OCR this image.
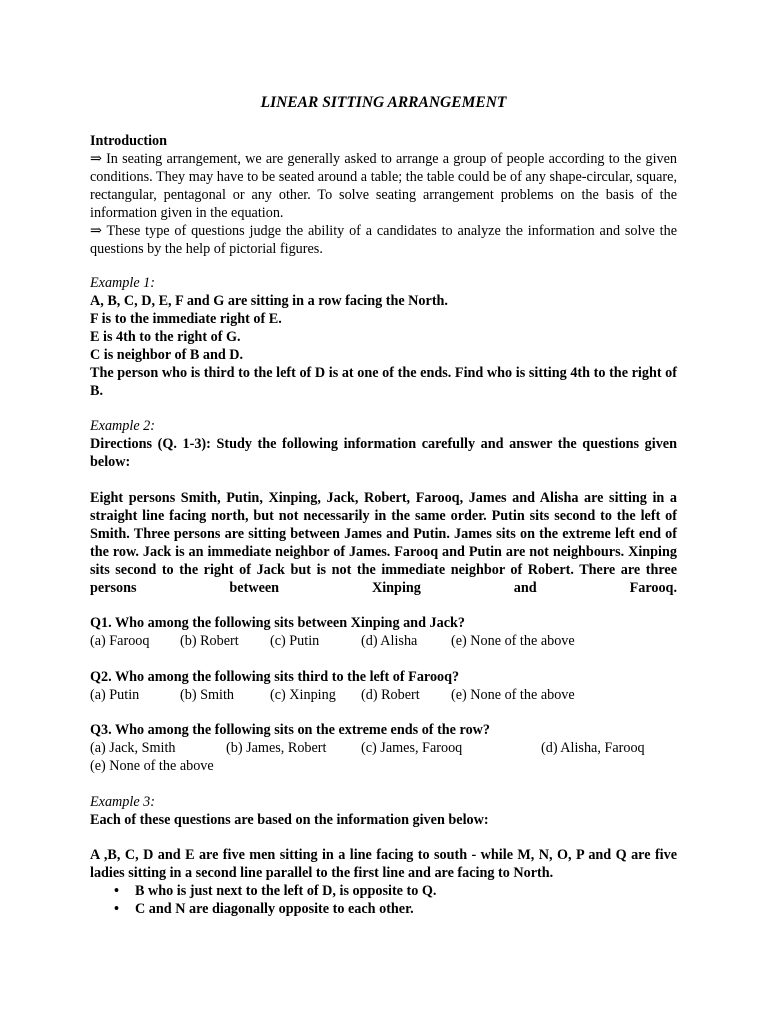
LINEAR SITTING ARRANGEMENT

Introduction

⇒ In seating arrangement, we are generally asked to arrange a group of people according to the given conditions. They may have to be seated around a table; the table could be of any shape-circular, square, rectangular, pentagonal or any other. To solve seating arrangement problems on the basis of the information given in the equation.

⇒ These type of questions judge the ability of a candidates to analyze the information and solve the questions by the help of pictorial figures.

Example 1:

A, B, C, D, E, F and G are sitting in a row facing the North.

F is to the immediate right of E.

E is 4th to the right of G.

C is neighbor of B and D.

The person who is third to the left of D is at one of the ends. Find who is sitting 4th to the right of B.

Example 2:

Directions (Q. 1-3): Study the following information carefully and answer the questions given below:

Eight persons Smith, Putin, Xinping, Jack, Robert, Farooq, James and Alisha are sitting in a straight line facing north, but not necessarily in the same order. Putin sits second to the left of Smith. Three persons are sitting between James and Putin. James sits on the extreme left end of the row. Jack is an immediate neighbor of James. Farooq and Putin are not neighbours. Xinping sits second to the right of Jack but is not the immediate neighbor of Robert. There are three persons between Xinping and Farooq.

Q1. Who among the following sits between Xinping and Jack?

(a) Farooq (b) Robert (c) Putin	(d) Alisha (e) None of the above

Q2. Who among the following sits third to the left of Farooq?

(a) Putin	(b) Smith	(c) Xinping (d) Robert (e) None of the above

Q3. Who among the following sits on the extreme ends of the row?

(a) Jack, Smith	(b) James, Robert (c) James, Farooq	(d) Alisha, Farooq

(e) None of the above

Example 3:

Each of these questions are based on the information given below:

A ,B, C, D and E are five men sitting in a line facing to south - while M, N, O, P and Q are five ladies sitting in a second line parallel to the first line and are facing to North.

• B who is just next to the left of D, is opposite to Q.
• C and N are diagonally opposite to each other.
